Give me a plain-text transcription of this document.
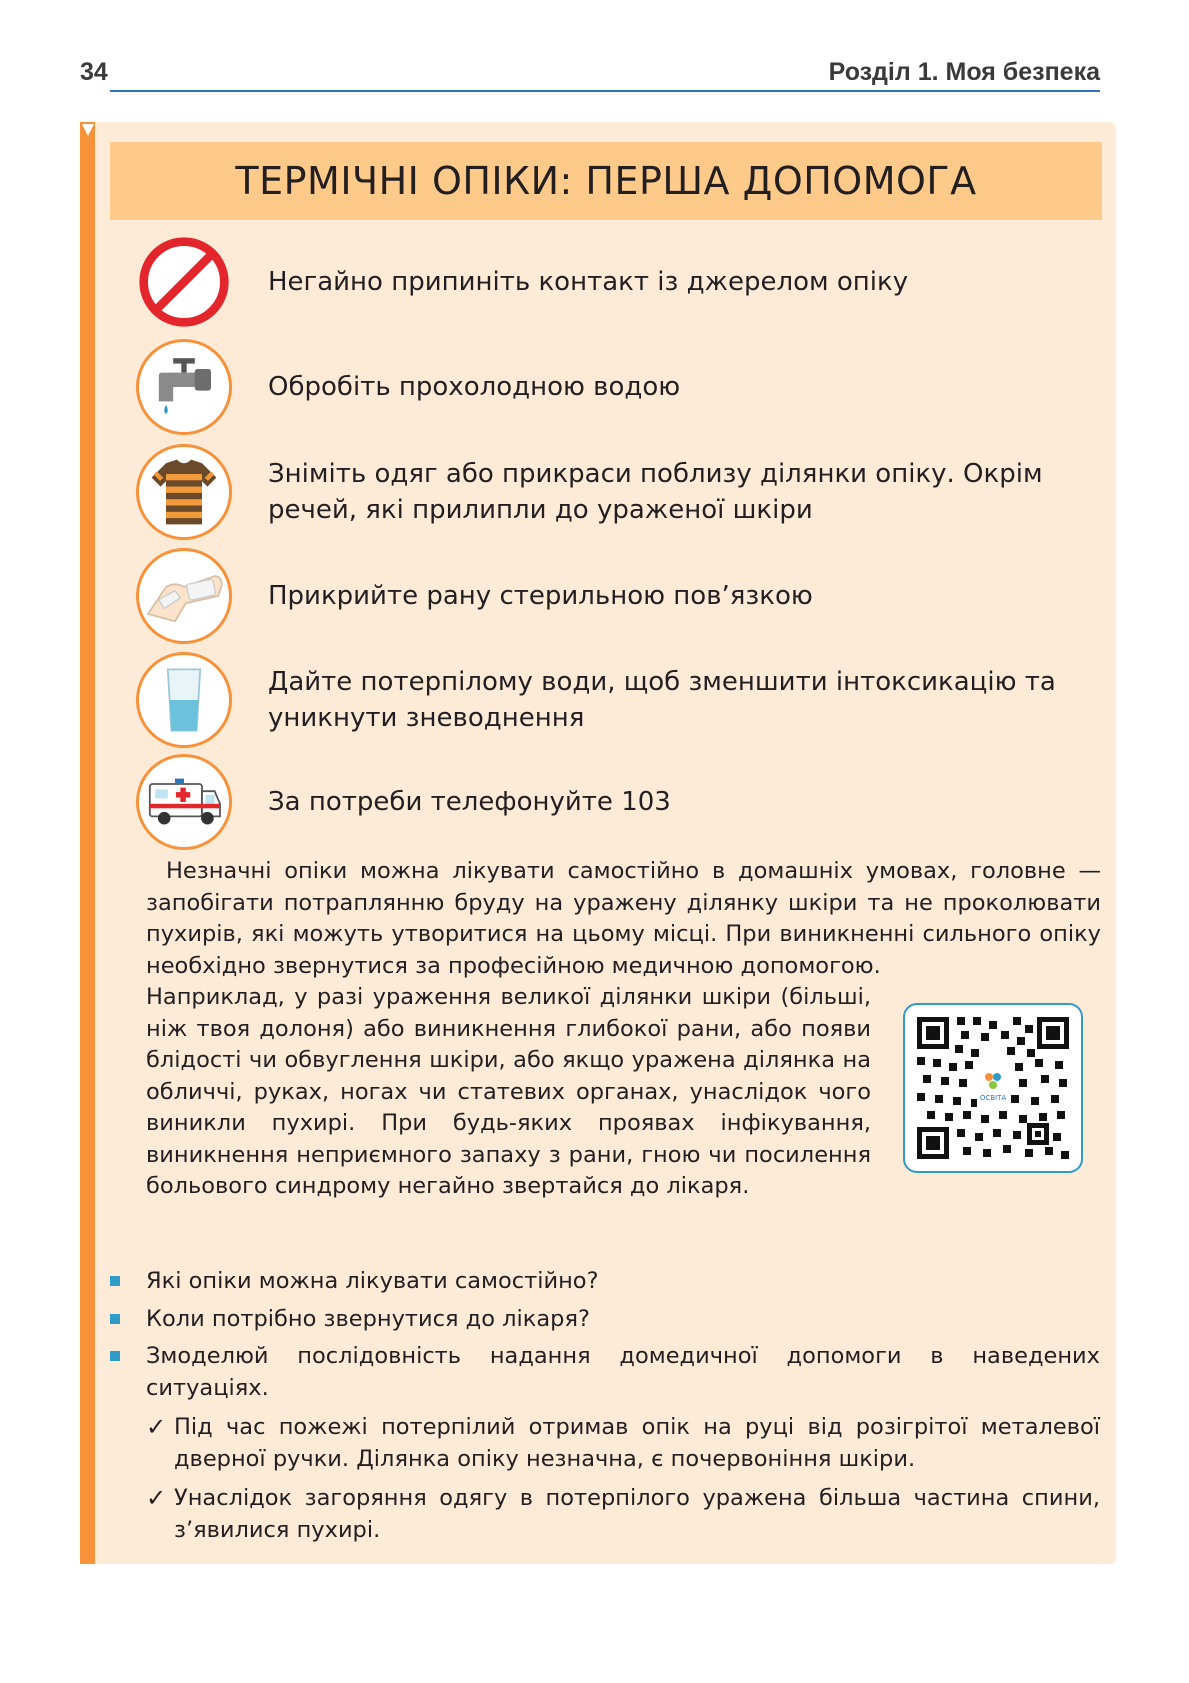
34	Розділ 1. Моя безпека
ТЕРМІЧНІ ОПІКИ: ПЕРША ДОПОМОГА
Негайно припиніть контакт із джерелом опіку
Обробіть прохолодною водою
Зніміть одяг або прикраси поблизу ділянки опіку. Окрім речей, які прилипли до ураженої шкіри
Прикрийте рану стерильною пов’язкою
Дайте потерпілому води, щоб зменшити інтоксикацію та уникнути зневоднення
За потреби телефонуйте 103

Незначні опіки можна лікувати самостійно в домашніх умовах, головне — запобігати потраплянню бруду на уражену ділянку шкіри та не проколювати пухирів, які можуть утворитися на цьому місці. При виникненні сильного опіку необхідно звернутися за професійною медичною допомогою.

Наприклад, у разі ураження великої ділянки шкіри (більші, ніж твоя долоня) або виникнення глибокої рани, або появи блідості чи обвуглення шкіри, або якщо уражена ділянка на обличчі, руках, ногах чи статевих органах, унаслідок чого виникли пухирі. При будь-яких проявах інфікування, виникнення неприємного запаху з рани, гною чи посилення больового синдрому негайно звертайся до лікаря.
ОСВІТА
Які опіки можна лікувати самостійно?
Коли потрібно звернутися до лікаря?
Змоделюй послідовність надання домедичної допомоги в наведених ситуаціях.
✓ Під час пожежі потерпілий отримав опік на руці від розігрітої металевої дверної ручки. Ділянка опіку незначна, є почервоніння шкіри.
✓ Унаслідок загоряння одягу в потерпілого уражена більша частина спини, з’явилися пухирі.
